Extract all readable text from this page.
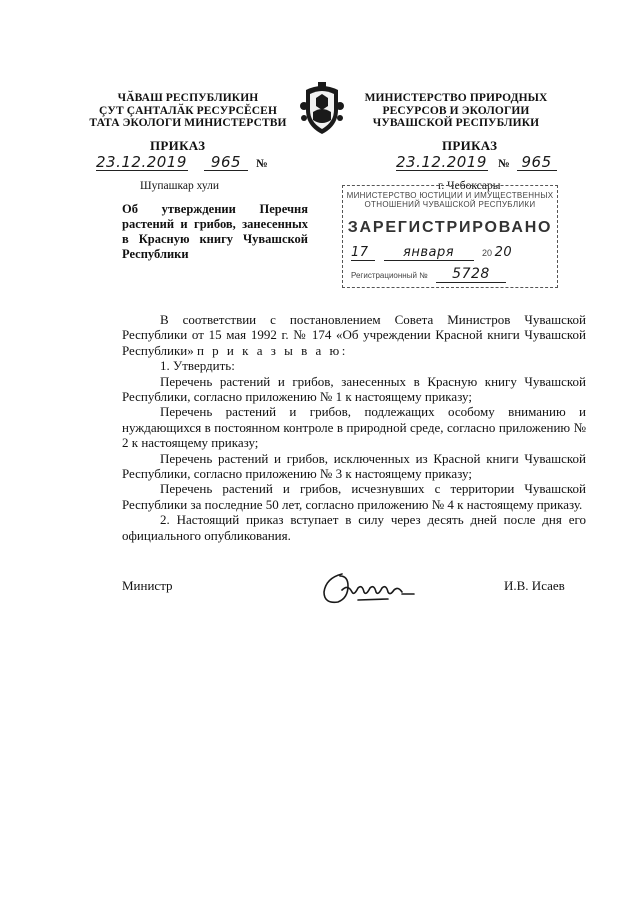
ЧӐВАШ РЕСПУБЛИКИН
ÇУТ ÇАНТАЛӐК РЕСУРСĔСЕН
ТАТА ЭКОЛОГИ МИНИСТЕРСТВИ
МИНИСТЕРСТВО ПРИРОДНЫХ
РЕСУРСОВ И ЭКОЛОГИИ
ЧУВАШСКОЙ РЕСПУБЛИКИ
ПРИКАЗ
23.12.2019 965 №
Шупашкар хули
ПРИКАЗ
23.12.2019 № 965
г. Чебоксары
Об утверждении Перечня
растений и грибов, занесенных
в Красную книгу Чувашской
Республики
МИНИСТЕРСТВО ЮСТИЦИИ И ИМУЩЕСТВЕННЫХ ОТНОШЕНИЙ ЧУВАШСКОЙ РЕСПУБЛИКИ
ЗАРЕГИСТРИРОВАНО
17	января	20 20
Регистрационный № 5728

В соответствии с постановлением Совета Министров Чувашской Республики от 15 мая 1992 г. № 174 «Об учреждении Красной книги Чувашской Республики» п р и к а з ы в а ю:

1. Утвердить:

Перечень растений и грибов, занесенных в Красную книгу Чувашской Республики, согласно приложению № 1 к настоящему приказу;

Перечень растений и грибов, подлежащих особому вниманию и нуждающихся в постоянном контроле в природной среде, согласно приложению № 2 к настоящему приказу;

Перечень растений и грибов, исключенных из Красной книги Чувашской Республики, согласно приложению № 3 к настоящему приказу;

Перечень растений и грибов, исчезнувших с территории Чувашской Республики за последние 50 лет, согласно приложению № 4 к настоящему приказу.

2. Настоящий приказ вступает в силу через десять дней после дня его официального опубликования.

Министр	И.В. Исаев
